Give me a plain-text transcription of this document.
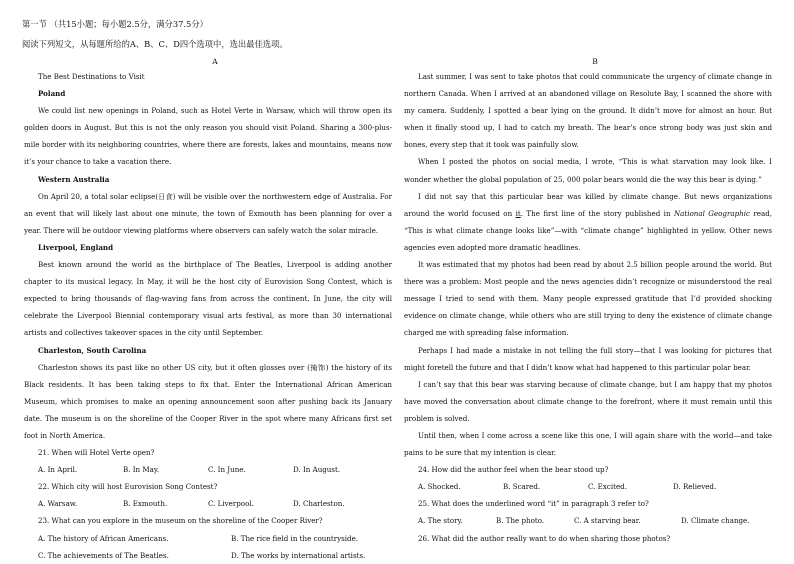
第一节 （共15小题；每小题2.5分，满分37.5分）
阅读下列短文，从每题所给的A、B、C、D四个选项中，选出最佳选项。
A	B

The Best Destinations to Visit

Poland

We could list new openings in Poland, such as Hotel Verte in Warsaw, which will throw open its golden doors in August. But this is not the only reason you should visit Poland. Sharing a 300-plus-mile border with its neighboring countries, where there are forests, lakes and mountains, means now it’s your chance to take a vacation there.

Western Australia

On April 20, a total solar eclipse(日食) will be visible over the northwestern edge of Australia. For an event that will likely last about one minute, the town of Exmouth has been planning for over a year. There will be outdoor viewing platforms where observers can safely watch the solar miracle.

Liverpool, England

Best known around the world as the birthplace of The Beatles, Liverpool is adding another chapter to its musical legacy. In May, it will be the host city of Eurovision Song Contest, which is expected to bring thousands of flag-waving fans from across the continent. In June, the city will celebrate the Liverpool Biennial contemporary visual arts festival, as more than 30 international artists and collectives takeover spaces in the city until September.

Charleston, South Carolina

Charleston shows its past like no other US city, but it often glosses over (掩饰) the history of its Black residents. It has been taking steps to fix that. Enter the International African American Museum, which promises to make an opening announcement soon after pushing back its January date. The museum is on the shoreline of the Cooper River in the spot where many Africans first set foot in North America.

21. When will Hotel Verte open?

A. In April.	B. In May.	C. In June.	D. In August.

22. Which city will host Eurovision Song Contest?

A. Warsaw.	B. Exmouth.	C. Liverpool.	D. Charleston.

23. What can you explore in the museum on the shoreline of the Cooper River?

A. The history of African Americans.	B. The rice field in the countryside.
C. The achievements of The Beatles.	D. The works by international artists.

Last summer, I was sent to take photos that could communicate the urgency of climate change in northern Canada. When I arrived at an abandoned village on Resolute Bay, I scanned the shore with my camera. Suddenly, I spotted a bear lying on the ground. It didn’t move for almost an hour. But when it finally stood up, I had to catch my breath. The bear’s once strong body was just skin and bones, every step that it took was painfully slow.

When I posted the photos on social media, I wrote, “This is what starvation may look like. I wonder whether the global population of 25, 000 polar bears would die the way this bear is dying.”

I did not say that this particular bear was killed by climate change. But news organizations around the world focused on it. The first line of the story published in National Geographic read, “This is what climate change looks like”—with “climate change” highlighted in yellow. Other news agencies even adopted more dramatic headlines.

It was estimated that my photos had been read by about 2.5 billion people around the world. But there was a problem: Most people and the news agencies didn’t recognize or misunderstood the real message I tried to send with them. Many people expressed gratitude that I’d provided shocking evidence on climate change, while others who are still trying to deny the existence of climate change charged me with spreading false information.

Perhaps I had made a mistake in not telling the full story—that I was looking for pictures that might foretell the future and that I didn’t know what had happened to this particular polar bear.

I can’t say that this bear was starving because of climate change, but I am happy that my photos have moved the conversation about climate change to the forefront, where it must remain until this problem is solved.

Until then, when I come across a scene like this one, I will again share with the world—and take pains to be sure that my intention is clear.

24. How did the author feel when the bear stood up?

A. Shocked.	B. Scared.	C. Excited.	D. Relieved.

25. What does the underlined word “it” in paragraph 3 refer to?

A. The story.	B. The photo.	C. A starving bear.	D. Climate change.

26. What did the author really want to do when sharing those photos?
